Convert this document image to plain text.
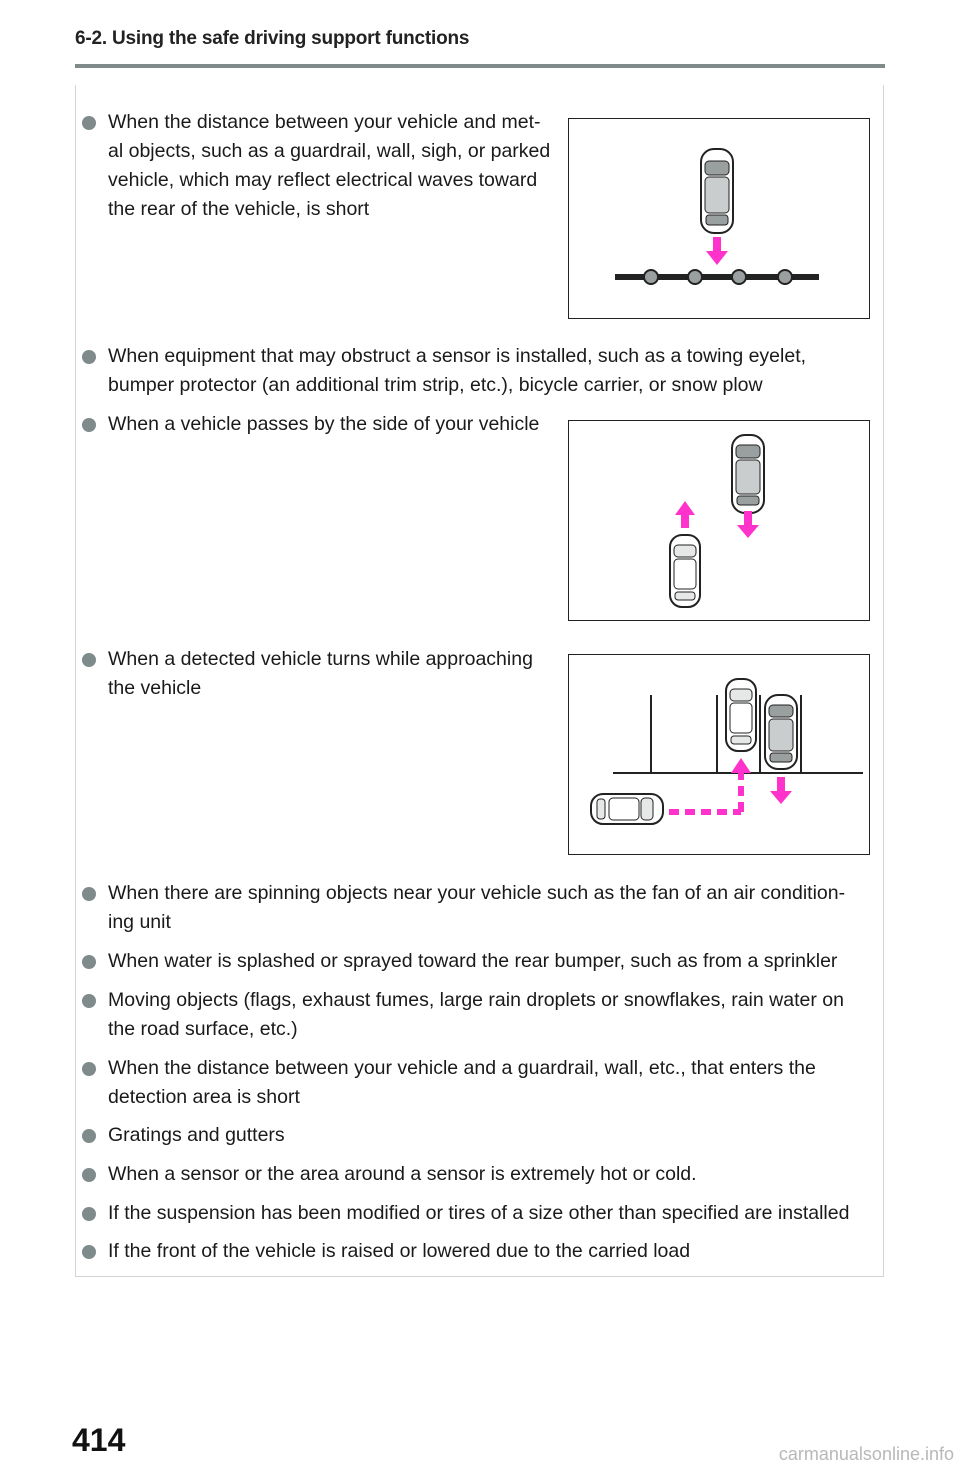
6-2. Using the safe driving support functions
When the distance between your vehicle and met-
al objects, such as a guardrail, wall, sigh, or parked
vehicle, which may reflect electrical waves toward
the rear of the vehicle, is short
When equipment that may obstruct a sensor is installed, such as a towing eyelet,
bumper protector (an additional trim strip, etc.), bicycle carrier, or snow plow
When a vehicle passes by the side of your vehicle
When a detected vehicle turns while approaching
the vehicle
When there are spinning objects near your vehicle such as the fan of an air condition-
ing unit
When water is splashed or sprayed toward the rear bumper, such as from a sprinkler
Moving objects (flags, exhaust fumes, large rain droplets or snowflakes, rain water on
the road surface, etc.)
When the distance between your vehicle and a guardrail, wall, etc., that enters the
detection area is short
Gratings and gutters
When a sensor or the area around a sensor is extremely hot or cold.
If the suspension has been modified or tires of a size other than specified are installed
If the front of the vehicle is raised or lowered due to the carried load
414	carmanualsonline.info
